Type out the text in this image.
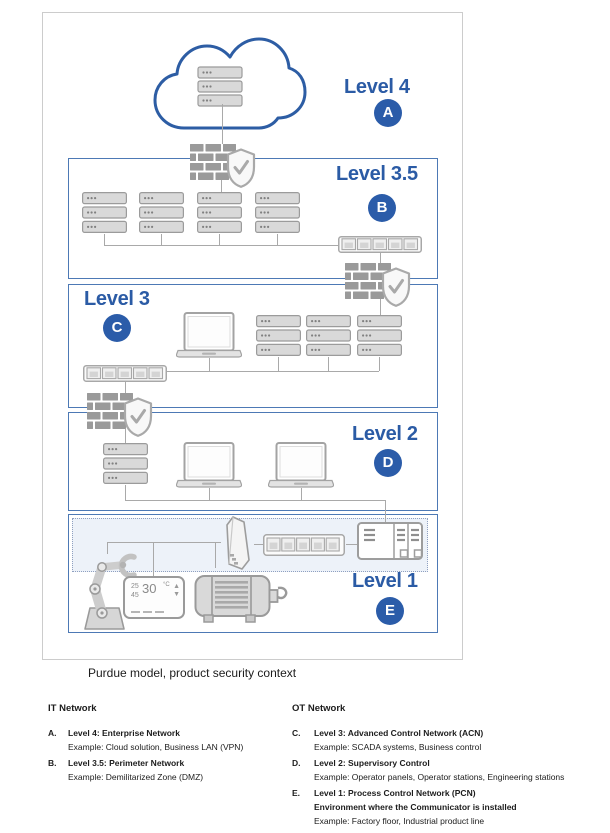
25
45 30 °C ▲
▼
Level 4
A
Level 3.5
B
Level 3
C
Level 2
D
Level 1
E
Purdue model, product security context
IT Network
A.	Level 4: Enterprise Network
Example: Cloud solution, Business LAN (VPN)
B.	Level 3.5: Perimeter Network
Example: Demilitarized Zone (DMZ)
OT Network
C.	Level 3: Advanced Control Network (ACN)
Example: SCADA systems, Business control
D.	Level 2: Supervisory Control
Example: Operator panels, Operator stations, Engineering stations
E.	Level 1: Process Control Network (PCN)
Environment where the Communicator is installed
Example: Factory floor, Industrial product line
